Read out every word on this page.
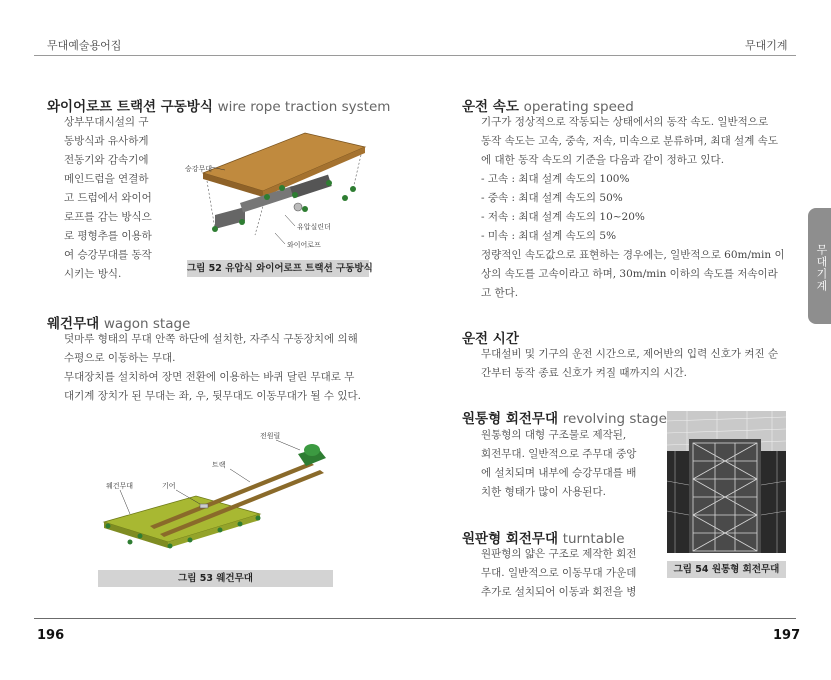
무대예술용어집	무대기계
무대기계
와이어로프 트랙션 구동방식 wire rope traction system
상부무대시설의 구
동방식과 유사하게
전동기와 감속기에
메인드럼을 연결하
고 드럼에서 와이어
로프를 감는 방식으
로 평형추를 이용하
여 승강무대를 동작
시키는 방식.
승강무대
유압실린더
와이어로프
그림 52 유압식 와이어로프 트랙션 구동방식
웨건무대 wagon stage
덧마루 형태의 무대 안쪽 하단에 설치한, 자주식 구동장치에 의해
수평으로 이동하는 무대.
무대장치를 설치하여 장면 전환에 이용하는 바퀴 달린 무대로 무
대기계 장치가 된 무대는 좌, 우, 뒷무대도 이동무대가 될 수 있다.
전원릴
트랙
웨건무대	기어
그림 53 웨건무대
운전 속도 operating speed
기구가 정상적으로 작동되는 상태에서의 동작 속도. 일반적으로
동작 속도는 고속, 중속, 저속, 미속으로 분류하며, 최대 설계 속도
에 대한 동작 속도의 기준을 다음과 같이 정하고 있다.
- 고속 : 최대 설계 속도의 100%
- 중속 : 최대 설계 속도의 50%
- 저속 : 최대 설계 속도의 10~20%
- 미속 : 최대 설계 속도의 5%
정량적인 속도값으로 표현하는 경우에는, 일반적으로 60m/min 이
상의 속도를 고속이라고 하며, 30m/min 이하의 속도를 저속이라
고 한다.
운전 시간
무대설비 및 기구의 운전 시간으로, 제어반의 입력 신호가 켜진 순
간부터 동작 종료 신호가 켜질 때까지의 시간.
원통형 회전무대 revolving stage
원통형의 대형 구조물로 제작된,
회전무대. 일반적으로 주무대 중앙
에 설치되며 내부에 승강무대를 배
치한 형태가 많이 사용된다.
원판형 회전무대 turntable
원판형의 얇은 구조로 제작한 회전
무대. 일반적으로 이동무대 가운데
추가로 설치되어 이동과 회전을 병
그림 54 원통형 회전무대
196	197
